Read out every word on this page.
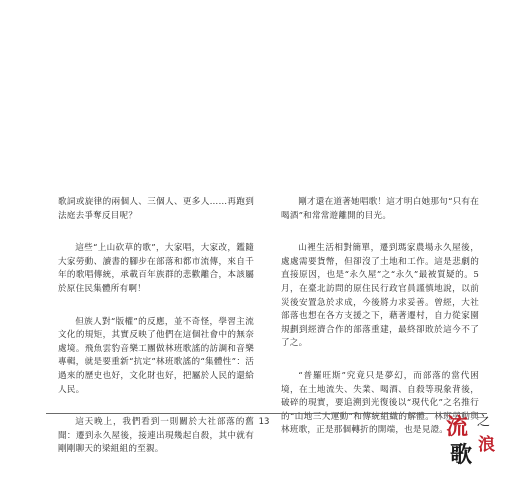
歌詞或旋律的兩個人、三個人、更多人……再跑到法庭去爭奪反目呢？

這些“上山砍草的歌”，大家唱，大家改，鑑隨大家勞動、讀書的腳步在部落和都市流傳，來自千年的歌唱傳統，承載百年族群的悲歡離合，本該屬於原住民集體所有啊！

但族人對“版權”的反應，並不奇怪，學習主流文化的規矩，其實反映了他們在這個社會中的無奈處境。飛魚雲豹音樂工團做林班歌謠的訪調和音樂專輯，就是要重新“抗定”林班歌謠的“集體性”：活過來的歷史也好，文化財也好，把屬於人民的還給人民。

這天晚上，我們看到一則關於大社部落的舊聞：遷到永久屋後，接連出現幾起自殺，其中就有剛剛聊天的梁組組的至親。

剛才還在道著她唱歌！這才明白她那句“只有在喝酒”和常常遊離開的目光。

山裡生活相對簡單，遷到瑪家農場永久屋後，處處需要貨幣，但卻沒了土地和工作。這是悲劇的直接原因，也是“永久屋”之“永久”最被質疑的。5月，在臺北訪問的原住民行政官員謹慎地說，以前災後安置急於求成，今後將力求妥善。曾經，大社部落也想在各方支援之下，藉著遷村，自力從家園規劃到經濟合作的部落重建，最終卻敗於這今不了了之。

“普羅旺斯”究竟只是夢幻，而部落的當代困境，在土地流失、失業、喝酒、自殺等現象背後，破碎的現實，要追溯到光復後以“現代化”之名推行的“山地三大運動”和傳統組織的解體。林班勞動與林班歌，正是那個轉折的開端，也是見證。

13	流 之
歌 浪
